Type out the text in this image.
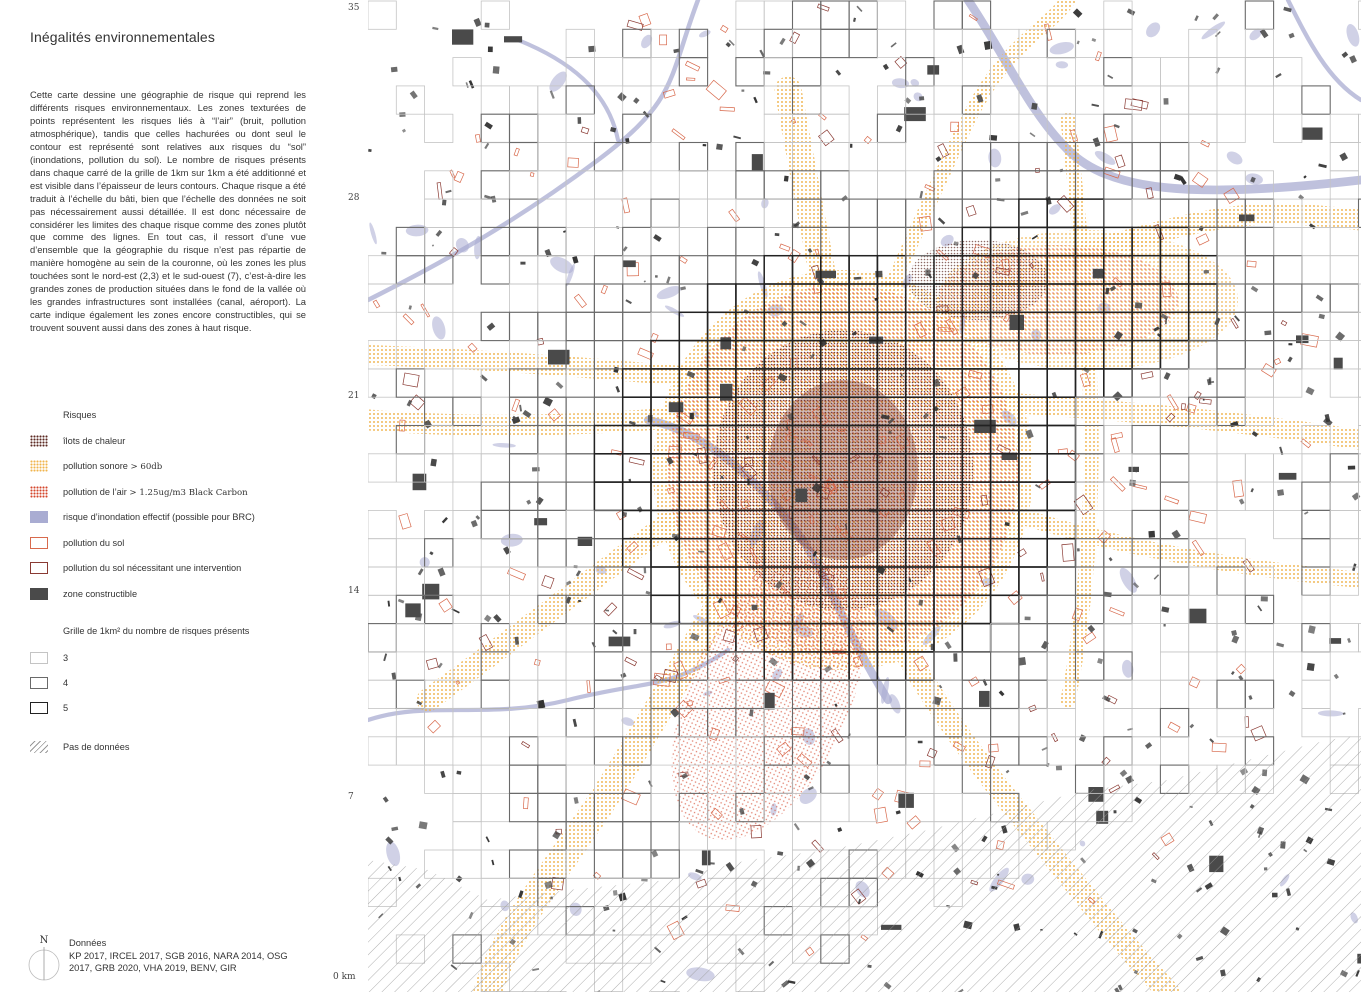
Inégalités environnementales
Cette carte dessine une géographie de risque qui reprend les différents risques environnementaux. Les zones texturées de points représentent les risques liés à “l’air” (bruit, pollution atmosphérique), tandis que celles hachurées ou dont seul le contour est représenté sont relatives aux risques du “sol” (inondations, pollution du sol). Le nombre de risques présents dans chaque carré de la grille de 1km sur 1km a été additionné et est visible dans l’épaisseur de leurs contours. Chaque risque a été traduit à l’échelle du bâti, bien que l’échelle des données ne soit pas nécessairement aussi détaillée. Il est donc nécessaire de considérer les limites des chaque risque comme des zones plutôt que comme des lignes. En tout cas, il ressort d’une vue d’ensemble que la géographie du risque n’est pas répartie de manière homogène au sein de la couronne, où les zones les plus touchées sont le nord-est (2,3) et le sud-ouest (7), c’est-à-dire les grandes zones de production situées dans le fond de la vallée où les grandes infrastructures sont installées (canal, aéroport). La carte indique également les zones encore constructibles, qui se trouvent souvent aussi dans des zones à haut risque.
Risques
îlots de chaleur
pollution sonore > 60db
pollution de l’air > 1.25ug/m3 Black Carbon
risque d’inondation effectif (possible pour BRC)
pollution du sol
pollution du sol nécessitant une intervention
zone constructible
Grille de 1km² du nombre de risques présents
3
4
5
Pas de données
N Données
KP 2017, IRCEL 2017, SGB 2016, NARA 2014, OSG 2017, GRB 2020, VHA 2019, BENV, GIR
35
28
21
14
7
0 km
